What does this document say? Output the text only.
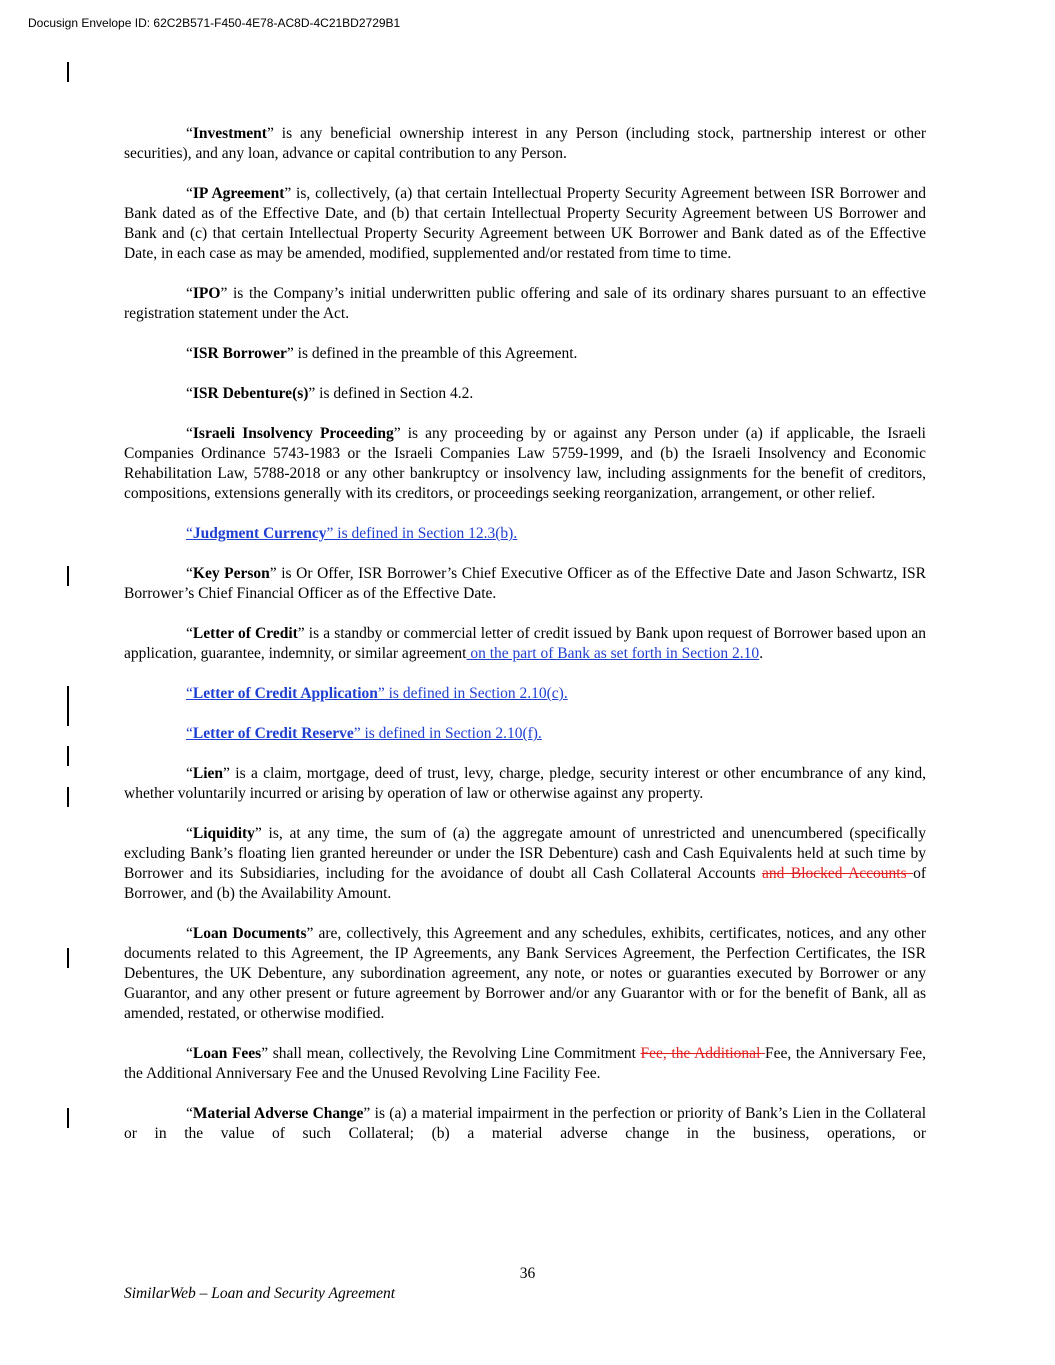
Docusign Envelope ID: 62C2B571-F450-4E78-AC8D-4C21BD2729B1

“Investment” is any beneficial ownership interest in any Person (including stock, partnership interest or other securities), and any loan, advance or capital contribution to any Person.

“IP Agreement” is, collectively, (a) that certain Intellectual Property Security Agreement between ISR Borrower and Bank dated as of the Effective Date, and (b) that certain Intellectual Property Security Agreement between US Borrower and Bank and (c) that certain Intellectual Property Security Agreement between UK Borrower and Bank dated as of the Effective Date, in each case as may be amended, modified, supplemented and/or restated from time to time.

“IPO” is the Company’s initial underwritten public offering and sale of its ordinary shares pursuant to an effective registration statement under the Act.

“ISR Borrower” is defined in the preamble of this Agreement.

“ISR Debenture(s)” is defined in Section 4.2.

“Israeli Insolvency Proceeding” is any proceeding by or against any Person under (a) if applicable, the Israeli Companies Ordinance 5743-1983 or the Israeli Companies Law 5759-1999, and (b) the Israeli Insolvency and Economic Rehabilitation Law, 5788-2018 or any other bankruptcy or insolvency law, including assignments for the benefit of creditors, compositions, extensions generally with its creditors, or proceedings seeking reorganization, arrangement, or other relief.

“Judgment Currency” is defined in Section 12.3(b).

“Key Person” is Or Offer, ISR Borrower’s Chief Executive Officer as of the Effective Date and Jason Schwartz, ISR Borrower’s Chief Financial Officer as of the Effective Date.

“Letter of Credit” is a standby or commercial letter of credit issued by Bank upon request of Borrower based upon an application, guarantee, indemnity, or similar agreement on the part of Bank as set forth in Section 2.10.

“Letter of Credit Application” is defined in Section 2.10(c).

“Letter of Credit Reserve” is defined in Section 2.10(f).

“Lien” is a claim, mortgage, deed of trust, levy, charge, pledge, security interest or other encumbrance of any kind, whether voluntarily incurred or arising by operation of law or otherwise against any property.

“Liquidity” is, at any time, the sum of (a) the aggregate amount of unrestricted and unencumbered (specifically excluding Bank’s floating lien granted hereunder or under the ISR Debenture) cash and Cash Equivalents held at such time by Borrower and its Subsidiaries, including for the avoidance of doubt all Cash Collateral Accounts and Blocked Accounts of Borrower, and (b) the Availability Amount.

“Loan Documents” are, collectively, this Agreement and any schedules, exhibits, certificates, notices, and any other documents related to this Agreement, the IP Agreements, any Bank Services Agreement, the Perfection Certificates, the ISR Debentures, the UK Debenture, any subordination agreement, any note, or notes or guaranties executed by Borrower or any Guarantor, and any other present or future agreement by Borrower and/or any Guarantor with or for the benefit of Bank, all as amended, restated, or otherwise modified.

“Loan Fees” shall mean, collectively, the Revolving Line Commitment Fee, the Additional Fee, the Anniversary Fee, the Additional Anniversary Fee and the Unused Revolving Line Facility Fee.

“Material Adverse Change” is (a) a material impairment in the perfection or priority of Bank’s Lien in the Collateral or in the value of such Collateral; (b) a material adverse change in the business, operations, or

36
SimilarWeb – Loan and Security Agreement
